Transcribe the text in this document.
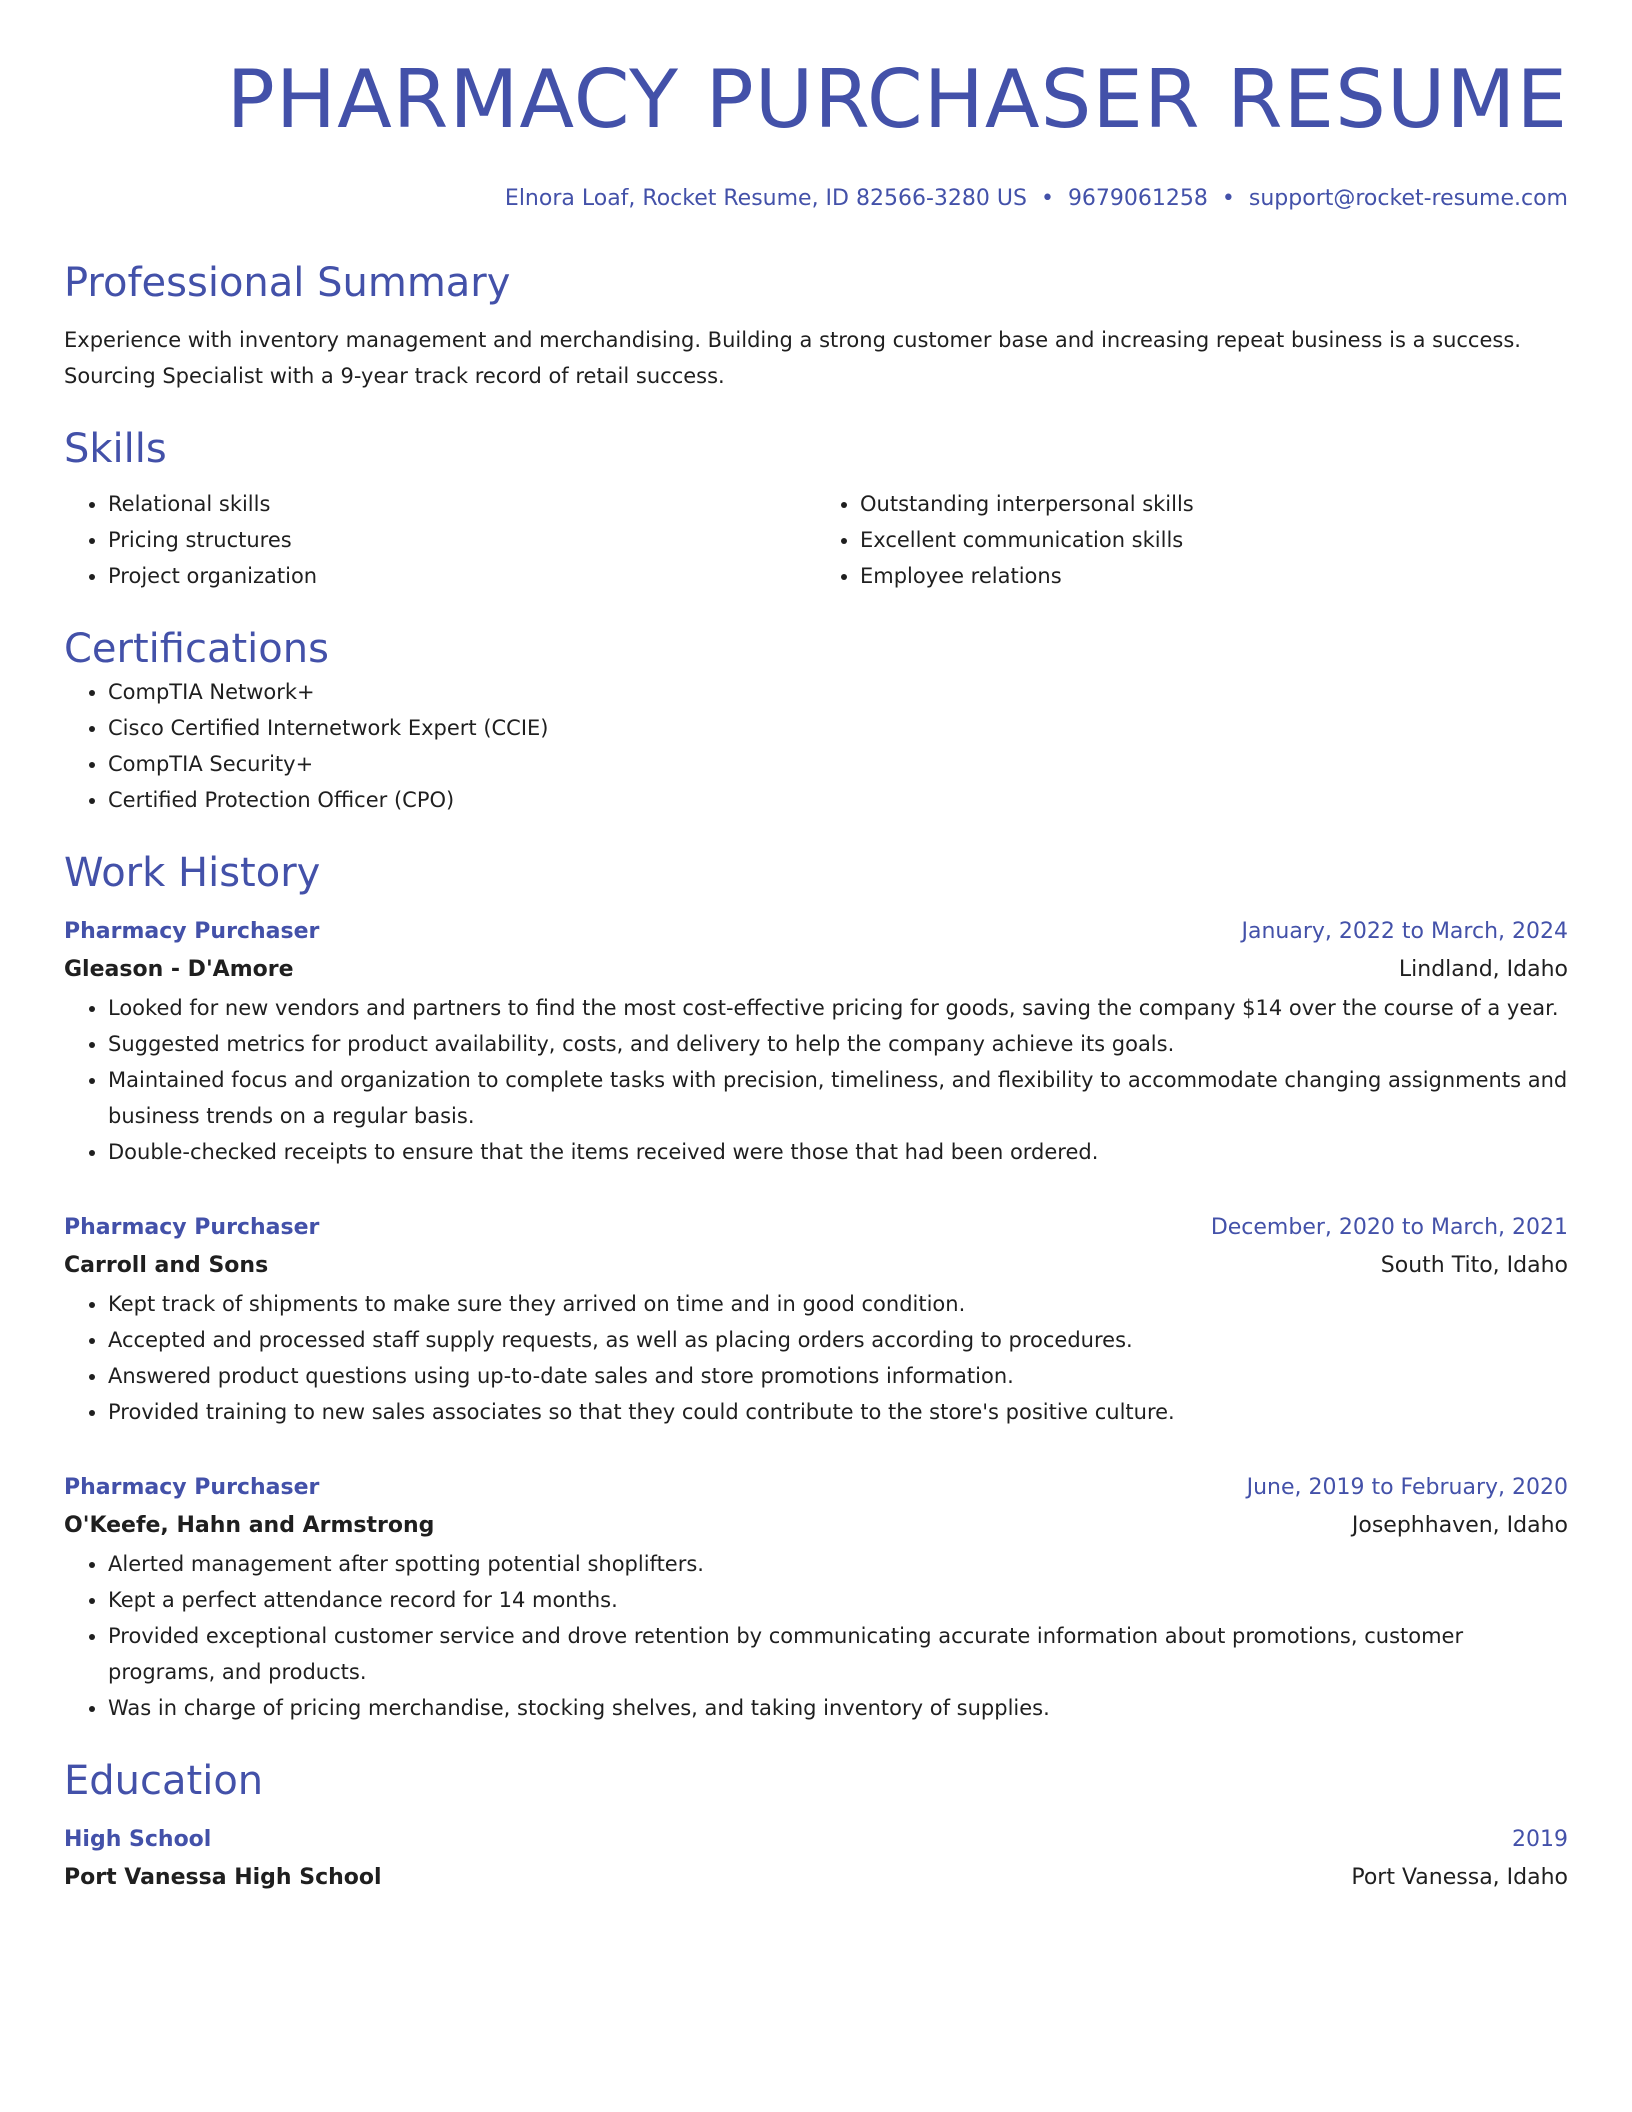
PHARMACY PURCHASER RESUME
Elnora Loaf, Rocket Resume, ID 82566-3280 US • 9679061258 • support@rocket-resume.com
Professional Summary

Experience with inventory management and merchandising. Building a strong customer base and increasing repeat business is a success. Sourcing Specialist with a 9-year track record of retail success.

Skills
• Relational skills
• Pricing structures
• Project organization
• Outstanding interpersonal skills
• Excellent communication skills
• Employee relations
Certifications
• CompTIA Network+
• Cisco Certified Internetwork Expert (CCIE)
• CompTIA Security+
• Certified Protection Officer (CPO)
Work History
Pharmacy Purchaser	January, 2022 to March, 2024
Gleason - D'Amore	Lindland, Idaho
• Looked for new vendors and partners to find the most cost-effective pricing for goods, saving the company $14 over the course of a year.
• Suggested metrics for product availability, costs, and delivery to help the company achieve its goals.
• Maintained focus and organization to complete tasks with precision, timeliness, and flexibility to accommodate changing assignments and business trends on a regular basis.
• Double-checked receipts to ensure that the items received were those that had been ordered.
Pharmacy Purchaser	December, 2020 to March, 2021
Carroll and Sons	South Tito, Idaho
• Kept track of shipments to make sure they arrived on time and in good condition.
• Accepted and processed staff supply requests, as well as placing orders according to procedures.
• Answered product questions using up-to-date sales and store promotions information.
• Provided training to new sales associates so that they could contribute to the store's positive culture.
Pharmacy Purchaser	June, 2019 to February, 2020
O'Keefe, Hahn and Armstrong	Josephhaven, Idaho
• Alerted management after spotting potential shoplifters.
• Kept a perfect attendance record for 14 months.
• Provided exceptional customer service and drove retention by communicating accurate information about promotions, customer programs, and products.
• Was in charge of pricing merchandise, stocking shelves, and taking inventory of supplies.
Education
High School	2019
Port Vanessa High School	Port Vanessa, Idaho
